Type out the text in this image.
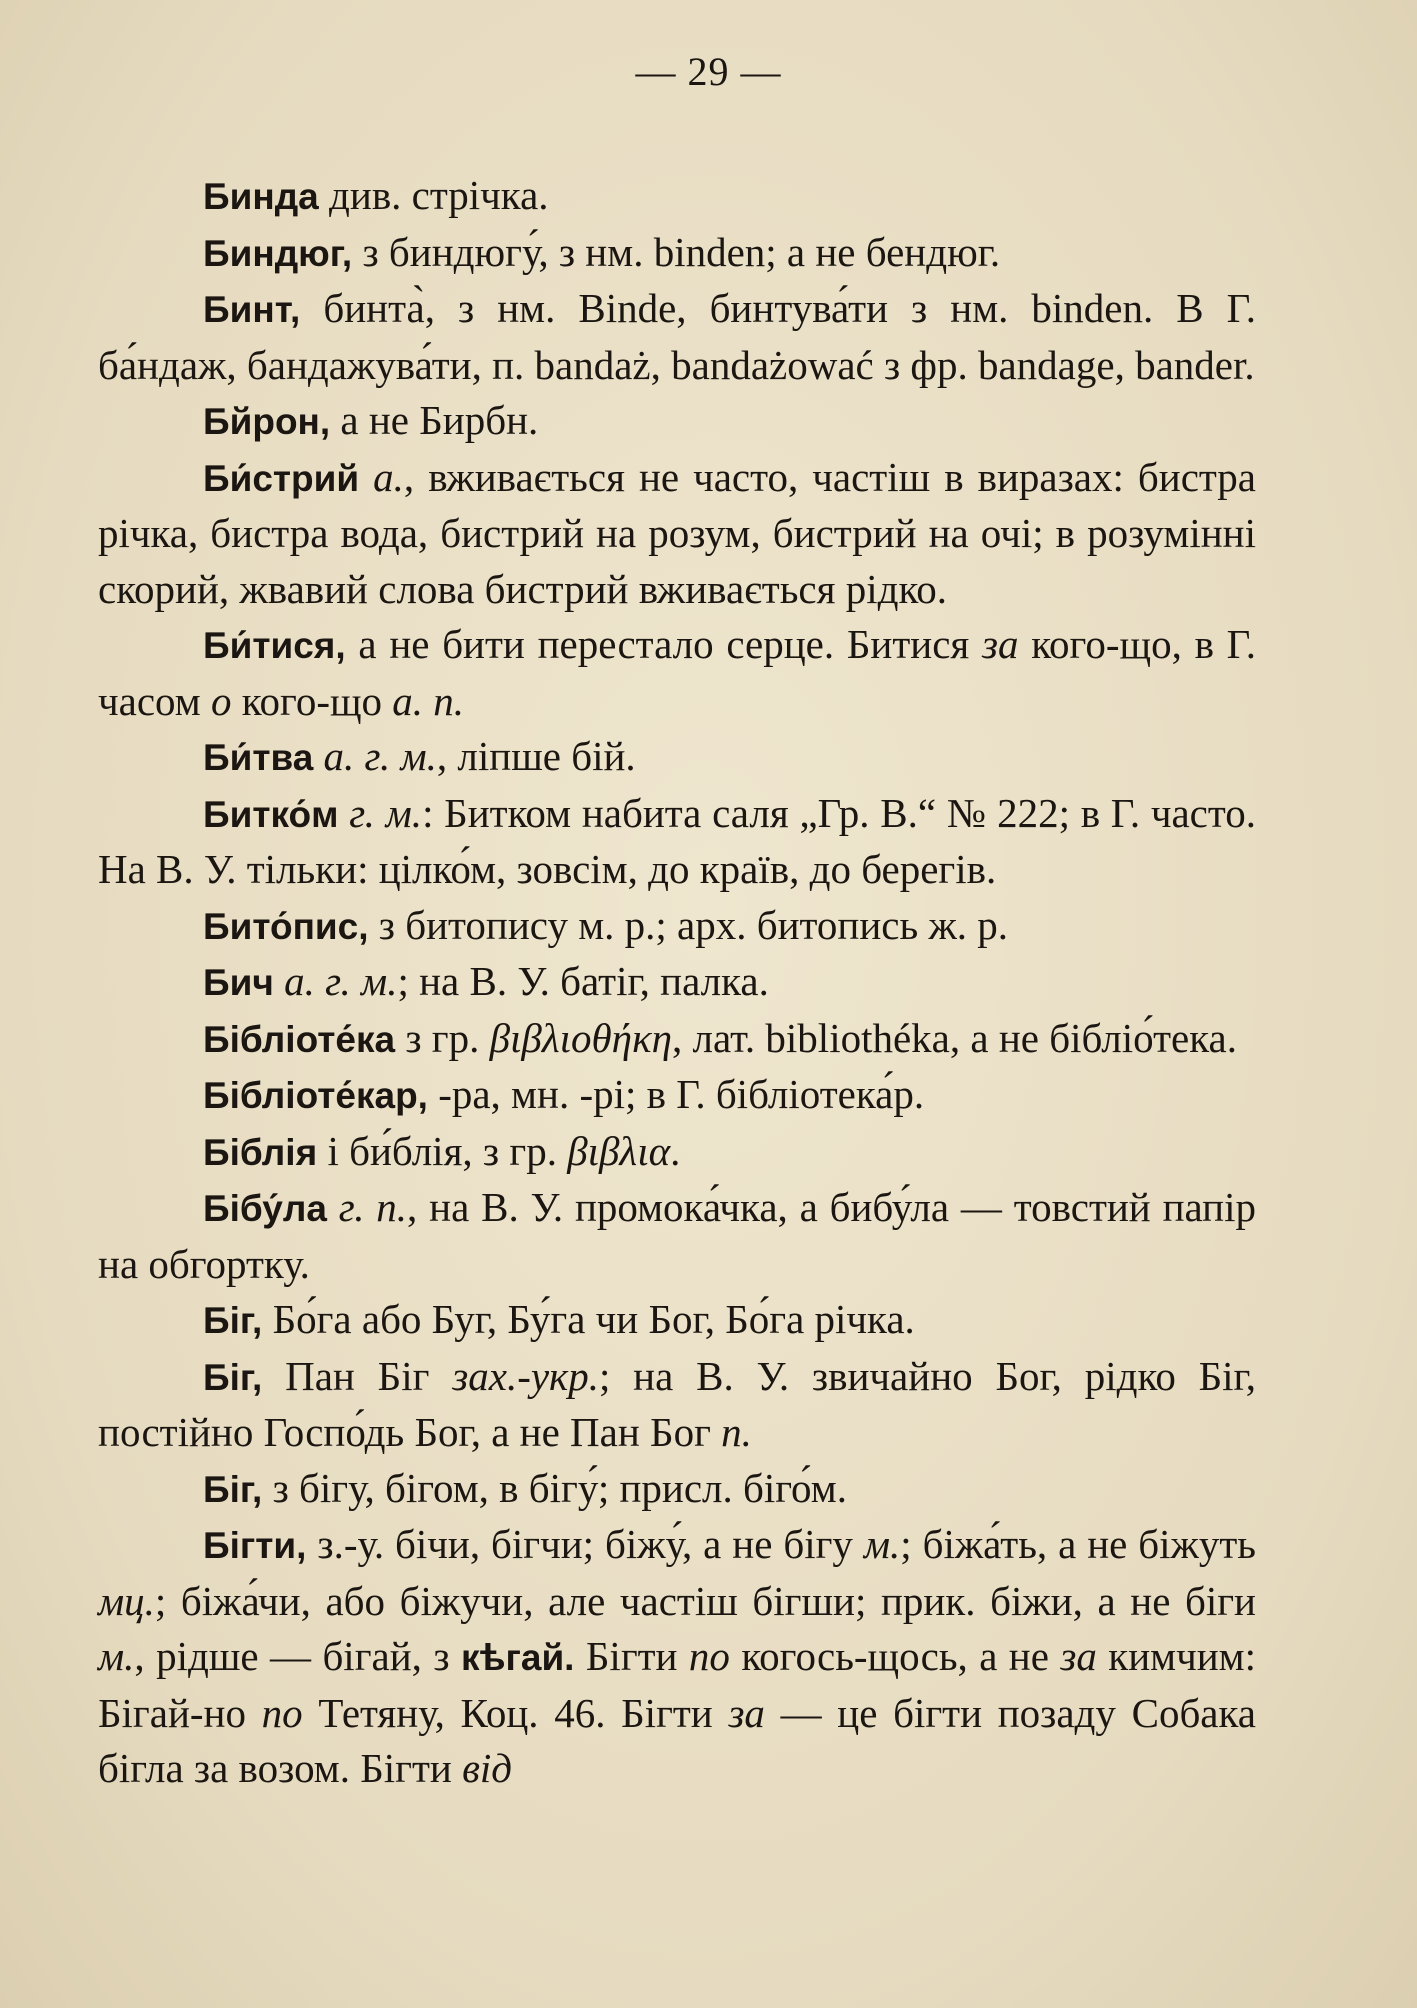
— 29 —

Бинда див. стрічка.

Биндюг, з биндюгу́, з нм. binden; а не бендюг.

Бинт, бинта̀, з нм. Binde, бинтува́ти з нм. binden. В Г. ба́ндаж, бандажува́ти, п. bandaż, bandażować з фр. bandage, bander.

Бйрон, а не Бирбн.

Би́стрий а., вживається не часто, частіш в виразах: бистра річка, бистра вода, бистрий на розум, бистрий на очі; в розумінні скорий, жвавий слова бистрий вживається рідко.

Би́тися, а не бити перестало серце. Битися за кого-що, в Г. часом о кого-що а. п.

Би́тва а. г. м., ліпше бій.

Битко́м г. м.: Битком набита саля „Гр. В.“ № 222; в Г. часто. На В. У. тільки: цілко́м, зовсім, до країв, до берегів.

Бито́пис, з битопису м. р.; арх. битопись ж. р.

Бич а. г. м.; на В. У. батіг, палка.

Бібліоте́ка з гр. βιβλιοθήκη, лат. bibliothéka, а не бібліо́тека.

Бібліоте́кар, -ра, мн. -рі; в Г. бібліотека́р.

Біблія і би́блія, з гр. βιβλια.

Бібу́ла г. п., на В. У. промока́чка, а бибу́ла — товстий папір на обгортку.

Біг, Бо́га або Буг, Бу́га чи Бог, Бо́га річка.

Біг, Пан Біг зах.-укр.; на В. У. звичайно Бог, рідко Біг, постійно Госпо́дь Бог, а не Пан Бог п.

Біг, з бігу, бігом, в бігу́; присл. біго́м.

Бігти, з.-у. бічи, бігчи; біжу́, а не бігу м.; біжа́ть, а не біжуть мц.; біжа́чи, або біжучи, але частіш бігши; прик. біжи, а не біги м., рідше — бігай, з кѣгай. Бігти по когось-щось, а не за кимчим: Бігай-но по Тетяну, Коц. 46. Бігти за — це бігти позаду Собака бігла за возом. Бігти від
